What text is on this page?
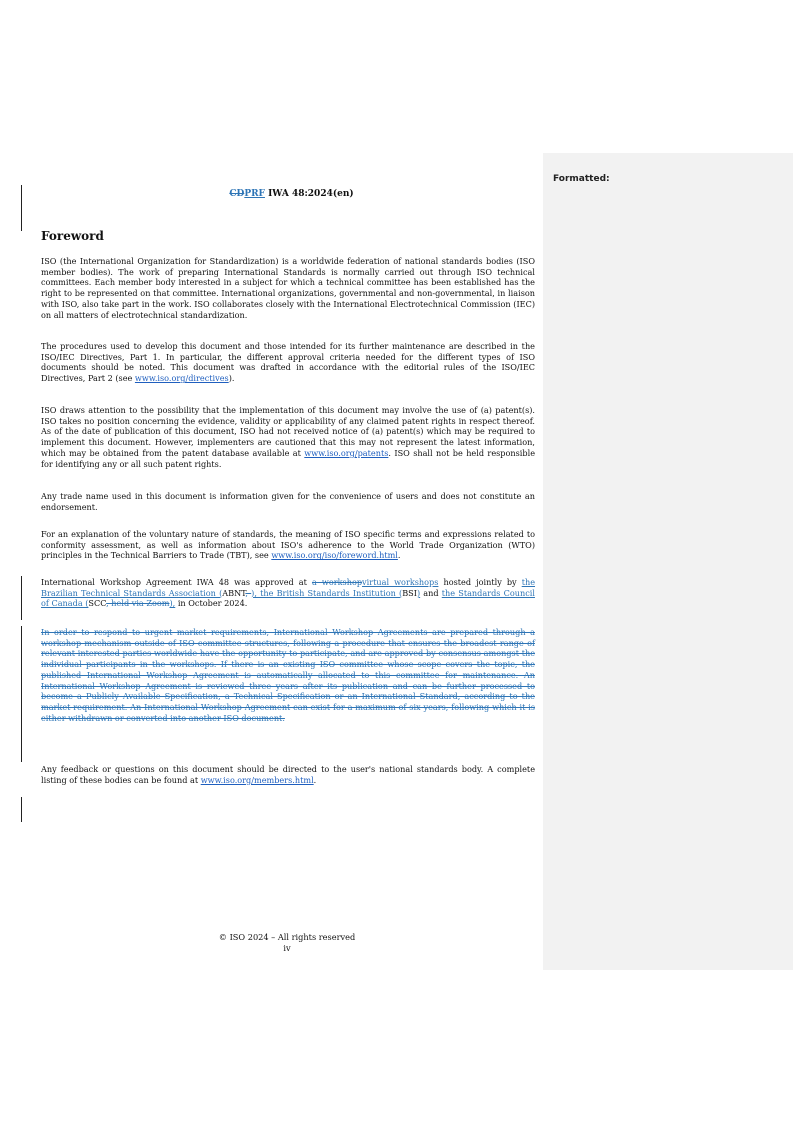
Formatted:
CDPRF IWA 48:2024(en)
Foreword

ISO (the International Organization for Standardization) is a worldwide federation of national standards bodies (ISO member bodies). The work of preparing International Standards is normally carried out through ISO technical committees. Each member body interested in a subject for which a technical committee has been established has the right to be represented on that committee. International organizations, governmental and non-governmental, in liaison with ISO, also take part in the work. ISO collaborates closely with the International Electrotechnical Commission (IEC) on all matters of electrotechnical standardization.

The procedures used to develop this document and those intended for its further maintenance are described in the ISO/IEC Directives, Part 1. In particular, the different approval criteria needed for the different types of ISO documents should be noted. This document was drafted in accordance with the editorial rules of the ISO/IEC Directives, Part 2 (see www.iso.org/directives).

ISO draws attention to the possibility that the implementation of this document may involve the use of (a) patent(s). ISO takes no position concerning the evidence, validity or applicability of any claimed patent rights in respect thereof. As of the date of publication of this document, ISO had not received notice of (a) patent(s) which may be required to implement this document. However, implementers are cautioned that this may not represent the latest information, which may be obtained from the patent database available at www.iso.org/patents. ISO shall not be held responsible for identifying any or all such patent rights.

Any trade name used in this document is information given for the convenience of users and does not constitute an endorsement.

For an explanation of the voluntary nature of standards, the meaning of ISO specific terms and expressions related to conformity assessment, as well as information about ISO's adherence to the World Trade Organization (WTO) principles in the Technical Barriers to Trade (TBT), see www.iso.org/iso/foreword.html.

International Workshop Agreement IWA 48 was approved at a workshopvirtual workshops hosted jointly by the Brazilian Technical Standards Association (ABNT, ), the British Standards Institution (BSI) and the Standards Council of Canada (SCC, held via Zoom), in October 2024.

In order to respond to urgent market requirements, International Workshop Agreements are prepared through a workshop mechanism outside of ISO committee structures, following a procedure that ensures the broadest range of relevant interested parties worldwide have the opportunity to participate, and are approved by consensus amongst the individual participants in the workshops. If there is an existing ISO committee whose scope covers the topic, the published International Workshop Agreement is automatically allocated to this committee for maintenance. An International Workshop Agreement is reviewed three years after its publication and can be further processed to become a Publicly Available Specification, a Technical Specification or an International Standard, according to the market requirement. An International Workshop Agreement can exist for a maximum of six years, following which it is either withdrawn or converted into another ISO document.

Any feedback or questions on this document should be directed to the user's national standards body. A complete listing of these bodies can be found at www.iso.org/members.html.

© ISO 2024 – All rights reserved
iv
